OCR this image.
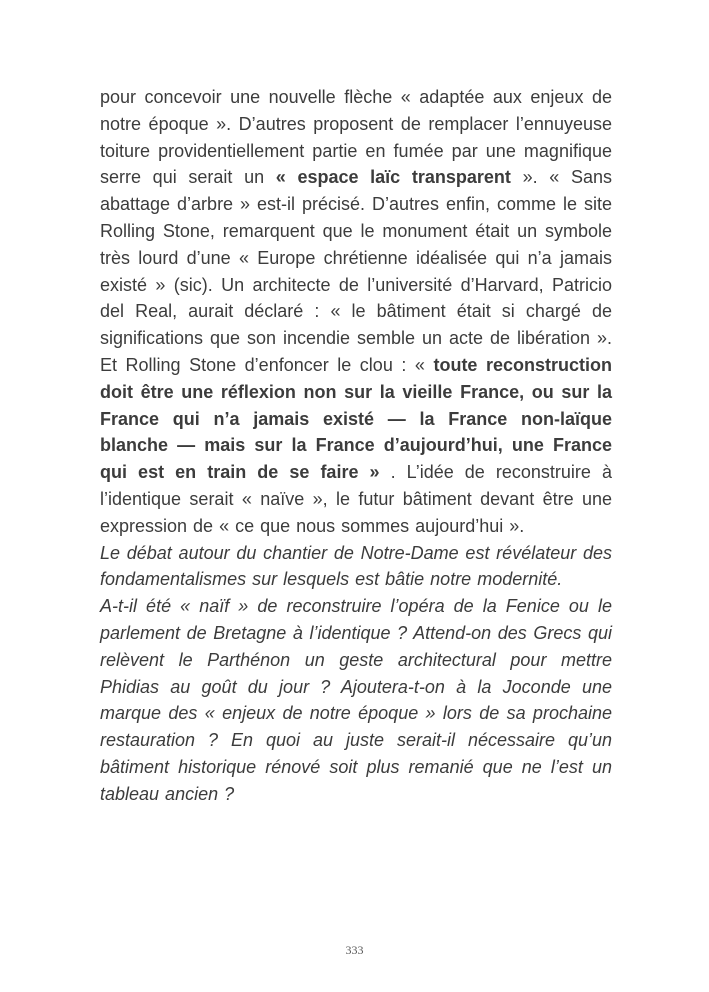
pour concevoir une nouvelle flèche « adaptée aux enjeux de notre époque ». D’autres proposent de remplacer l’ennuyeuse toiture providentiellement partie en fumée par une magnifique serre qui serait un « espace laïc transparent ». « Sans abattage d’arbre » est-il précisé. D’autres enfin, comme le site Rolling Stone, remarquent que le monument était un symbole très lourd d’une « Europe chrétienne idéalisée qui n’a jamais existé » (sic). Un architecte de l’université d’Harvard, Patricio del Real, aurait déclaré : « le bâtiment était si chargé de significations que son incendie semble un acte de libération ». Et Rolling Stone d’enfoncer le clou : « toute reconstruction doit être une réflexion non sur la vieille France, ou sur la France qui n’a jamais existé — la France non-laïque blanche — mais sur la France d’aujourd’hui, une France qui est en train de se faire » . L’idée de reconstruire à l’identique serait « naïve », le futur bâtiment devant être une expression de « ce que nous sommes aujourd’hui ».

Le débat autour du chantier de Notre-Dame est révélateur des fondamentalismes sur lesquels est bâtie notre modernité.

A-t-il été « naïf » de reconstruire l’opéra de la Fenice ou le parlement de Bretagne à l’identique ? Attend-on des Grecs qui relèvent le Parthénon un geste architectural pour mettre Phidias au goût du jour ? Ajoutera-t-on à la Joconde une marque des « enjeux de notre époque » lors de sa prochaine restauration ? En quoi au juste serait-il nécessaire qu’un bâtiment historique rénové soit plus remanié que ne l’est un tableau ancien ?

333
